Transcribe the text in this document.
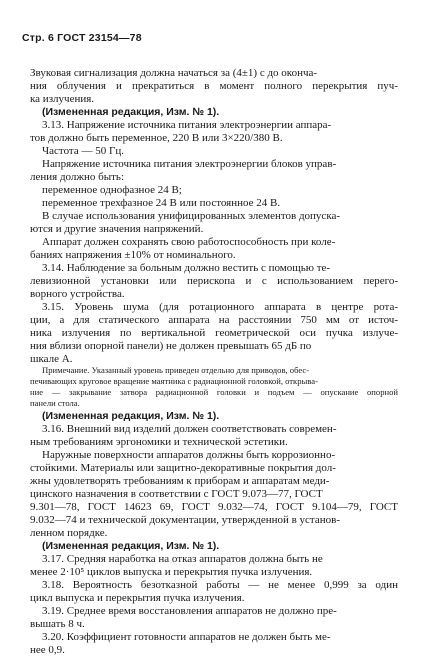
Стр. 6 ГОСТ 23154—78
Звуковая сигнализация должна начаться за (4±1) с до оконча-
ния облучения и прекратиться в момент полного перекрытия пуч-
ка излучения.
(Измененная редакция, Изм. № 1).
3.13. Напряжение источника питания электроэнергии аппара-
тов должно быть переменное, 220 В или 3×220/380 В.
Частота — 50 Гц.
Напряжение источника питания электроэнергии блоков управ-
ления должно быть:
переменное однофазное 24 В;
переменное трехфазное 24 В или постоянное 24 В.
В случае использования унифицированных элементов допуска-
ются и другие значения напряжений.
Аппарат должен сохранять свою работоспособность при коле-
баниях напряжения ±10% от номинального.
3.14. Наблюдение за больным должно вестить с помощью те-
левизионной установки или перископа и с использованием перего-
ворного устройства.
3.15. Уровень шума (для ротационного аппарата в центре рота-
ции, а для статического аппарата на расстоянии 750 мм от источ-
ника излучения по вертикальной геометрической оси пучка излуче-
ния вблизи опорной панели) не должен превышать 65 дБ по
шкале А.
Примечание. Указанный уровень приведен отдельно для приводов, обес-
печивающих круговое вращение маятника с радиационной головкой, открыва-
ние — закрывание затвора радиационной головки и подъем — опускание опорной
панели стола.
(Измененная редакция, Изм. № 1).
3.16. Внешний вид изделий должен соответствовать современ-
ным требованиям эргономики и технической эстетики.
Наружные поверхности аппаратов должны быть коррозионно-
стойкими. Материалы или защитно-декоративные покрытия дол-
жны удовлетворять требованиям к приборам и аппаратам меди-
цинского назначения в соответствии с ГОСТ 9.073—77, ГОСТ
9.301—78, ГОСТ 14623 69, ГОСТ 9.032—74, ГОСТ 9.104—79, ГОСТ
9.032—74 и технической документации, утвержденной в установ-
ленном порядке.
(Измененная редакция, Изм. № 1).
3.17. Средняя наработка на отказ аппаратов должна быть не
менее 2·10⁵ циклов выпуска и перекрытия пучка излучения.
3.18. Вероятность безотказной работы — не менее 0,999 за один
цикл выпуска и перекрытия пучка излучения.
3.19. Среднее время восстановления аппаратов не должно пре-
вышать 8 ч.
3.20. Коэффициент готовности аппаратов не должен быть ме-
нее 0,9.
